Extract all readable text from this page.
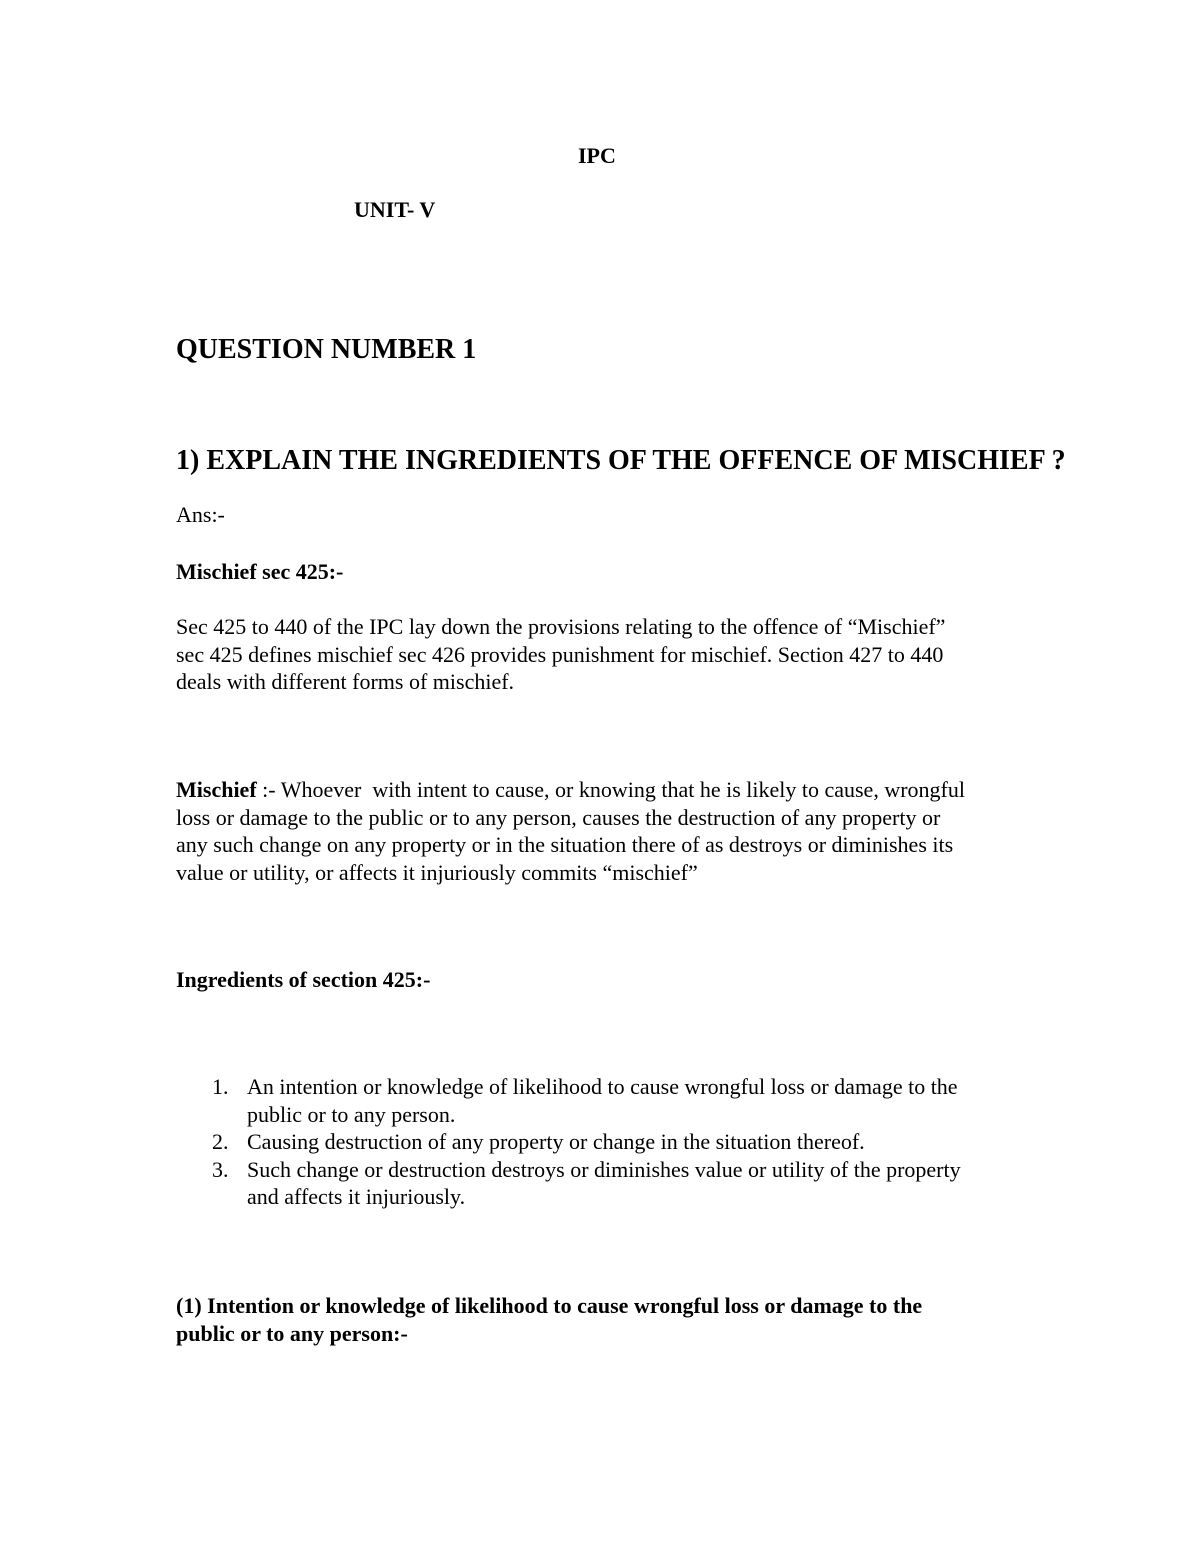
IPC

UNIT- V

QUESTION NUMBER 1

1) EXPLAIN THE INGREDIENTS OF THE OFFENCE OF MISCHIEF ?

Ans:-

Mischief sec 425:-

Sec 425 to 440 of the IPC lay down the provisions relating to the offence of “Mischief”
sec 425 defines mischief sec 426 provides punishment for mischief. Section 427 to 440
deals with different forms of mischief.
Mischief :- Whoever  with intent to cause, or knowing that he is likely to cause, wrongful
loss or damage to the public or to any person, causes the destruction of any property or
any such change on any property or in the situation there of as destroys or diminishes its
value or utility, or affects it injuriously commits “mischief”

Ingredients of section 425:-

1. An intention or knowledge of likelihood to cause wrongful loss or damage to the
public or to any person.
2. Causing destruction of any property or change in the situation thereof.
3. Such change or destruction destroys or diminishes value or utility of the property
and affects it injuriously.
(1) Intention or knowledge of likelihood to cause wrongful loss or damage to the
public or to any person:-
